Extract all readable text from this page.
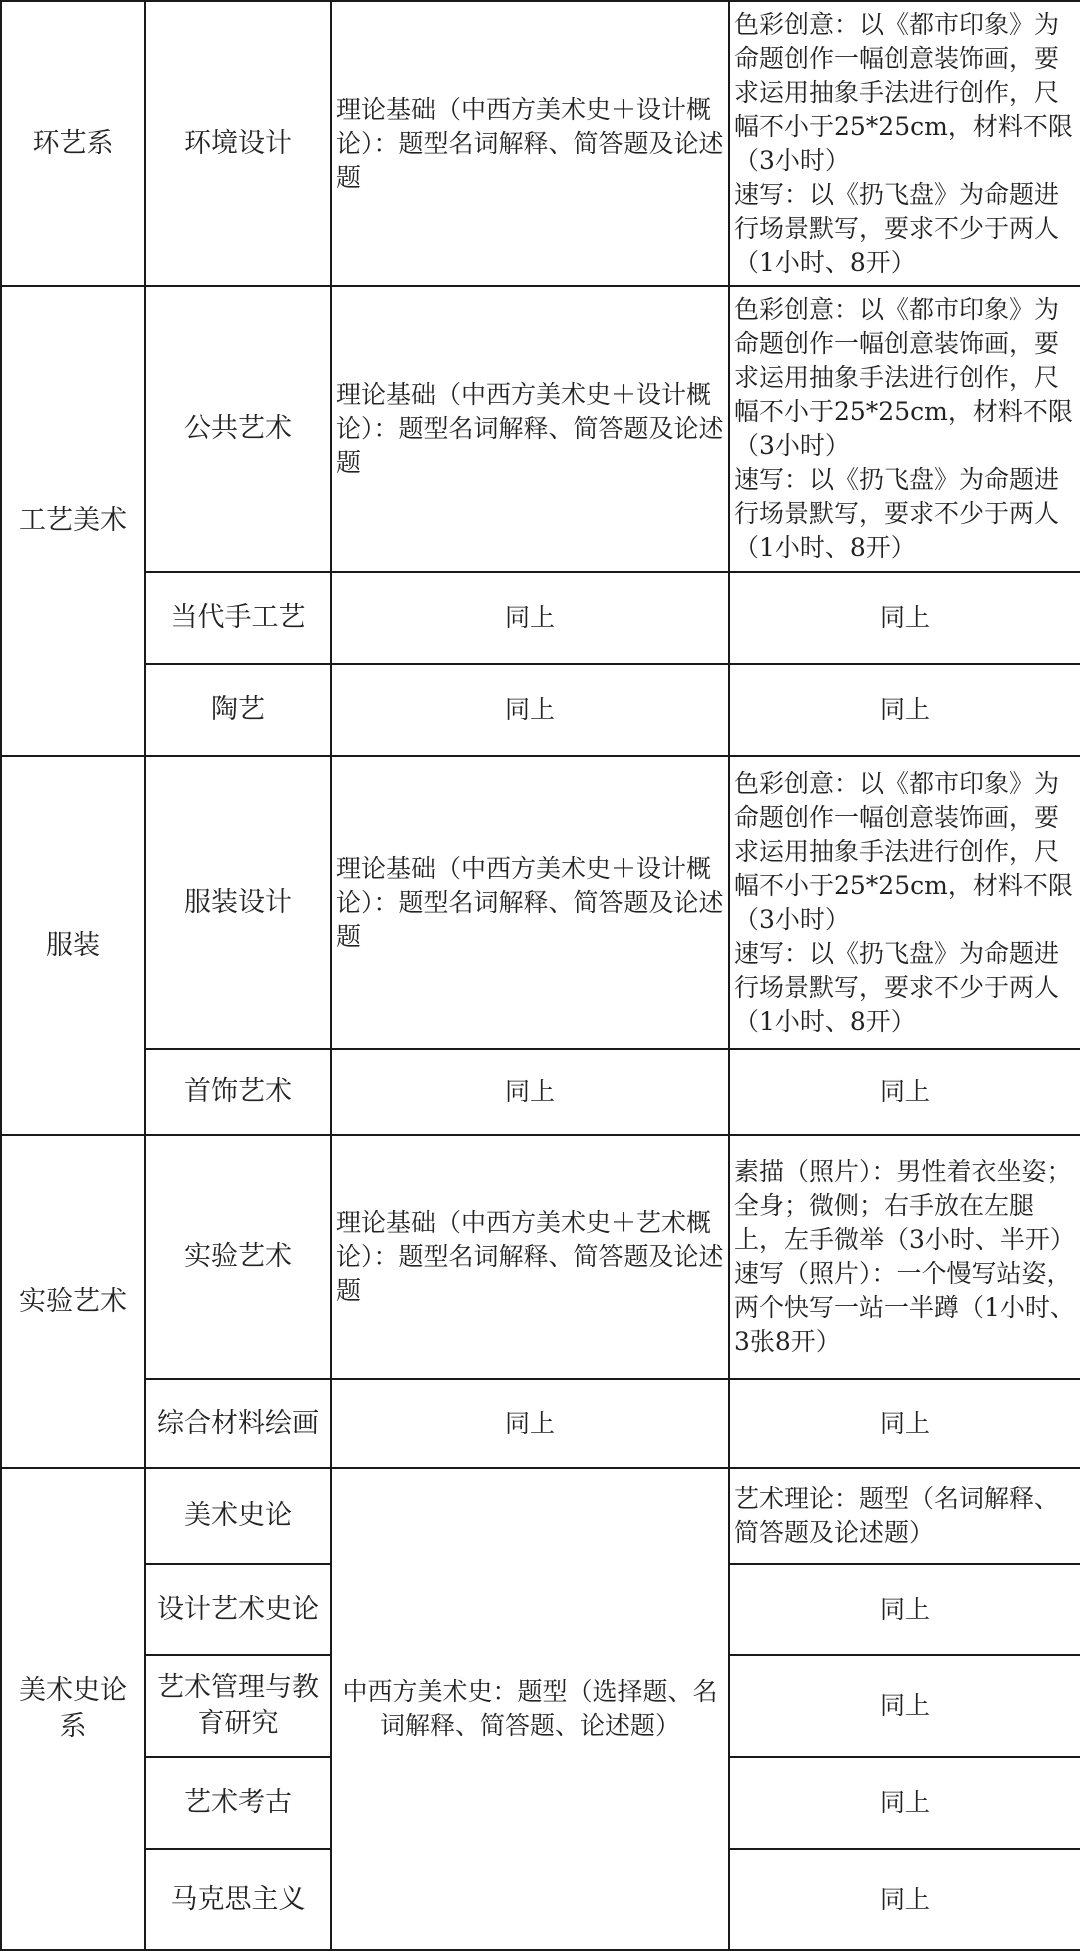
环艺系	环境设计	理论基础（中西方美术史＋设计概论）：题型名词解释、简答题及论述题	色彩创意：以《都市印象》为命题创作一幅创意装饰画，要求运用抽象手法进行创作，尺幅不小于25*25cm，材料不限（3小时）
速写：以《扔飞盘》为命题进行场景默写，要求不少于两人（1小时、8开）
工艺美术	公共艺术	理论基础（中西方美术史＋设计概论）：题型名词解释、简答题及论述题	色彩创意：以《都市印象》为命题创作一幅创意装饰画，要求运用抽象手法进行创作，尺幅不小于25*25cm，材料不限（3小时）
速写：以《扔飞盘》为命题进行场景默写，要求不少于两人（1小时、8开）
	当代手工艺	同上	同上
	陶艺	同上	同上
服装	服装设计	理论基础（中西方美术史＋设计概论）：题型名词解释、简答题及论述题	色彩创意：以《都市印象》为命题创作一幅创意装饰画，要求运用抽象手法进行创作，尺幅不小于25*25cm，材料不限（3小时）
速写：以《扔飞盘》为命题进行场景默写，要求不少于两人（1小时、8开）
	首饰艺术	同上	同上
实验艺术	实验艺术	理论基础（中西方美术史＋艺术概论）：题型名词解释、简答题及论述题	素描（照片）：男性着衣坐姿；全身；微侧；右手放在左腿上，左手微举（3小时、半开）
速写（照片）：一个慢写站姿，两个快写一站一半蹲（1小时、3张8开）
	综合材料绘画	同上	同上
美术史论系	美术史论	中西方美术史：题型（选择题、名词解释、简答题、论述题）	艺术理论：题型（名词解释、简答题及论述题）
	设计艺术史论		同上
	艺术管理与教育研究		同上
	艺术考古		同上
	马克思主义		同上
